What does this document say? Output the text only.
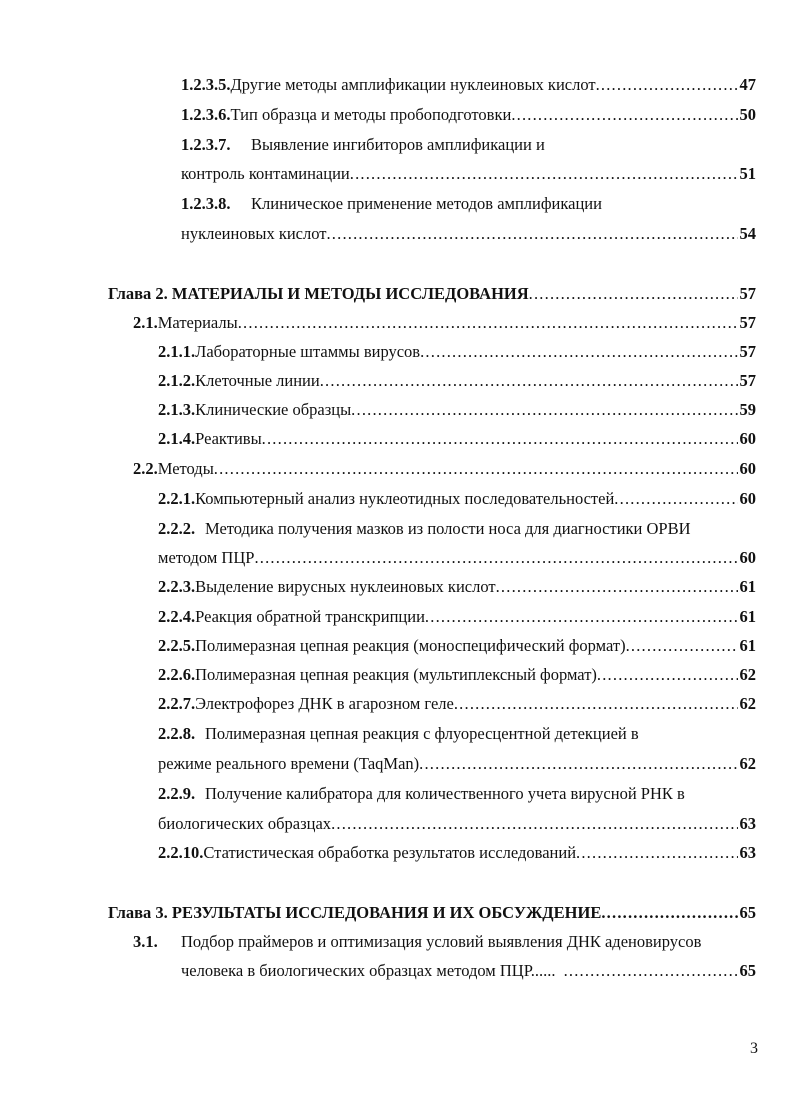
1.2.3.5. Другие методы амплификации нуклеиновых кислот .....	47
1.2.3.6. Тип образца и методы пробоподготовки .....	50
1.2.3.7.	Выявление ингибиторов амплификации и
контроль контаминации .....	51
1.2.3.8.	Клиническое применение методов амплификации
нуклеиновых кислот .....	54
Глава 2. МАТЕРИАЛЫ И МЕТОДЫ ИССЛЕДОВАНИЯ .....	57
2.1. Материалы .....	57
2.1.1. Лабораторные штаммы вирусов .....	57
2.1.2. Клеточные линии .....	57
2.1.3. Клинические образцы .....	59
2.1.4. Реактивы .....	60
2.2. Методы .....	60
2.2.1. Компьютерный анализ нуклеотидных последовательностей .....	60
2.2.2. Методика получения мазков из полости носа для диагностики ОРВИ
методом ПЦР .....	60
2.2.3. Выделение вирусных нуклеиновых кислот .....	61
2.2.4. Реакция обратной транскрипции .....	61
2.2.5. Полимеразная цепная реакция (моноспецифический формат) .....	61
2.2.6. Полимеразная цепная реакция (мультиплексный формат) .....	62
2.2.7. Электрофорез ДНК в агарозном геле .....	62
2.2.8. Полимеразная цепная реакция с флуоресцентной детекцией в
режиме реального времени (TaqMan) .....	62
2.2.9. Получение калибратора для количественного учета вирусной РНК в
биологических образцах .....	63
2.2.10. Статистическая обработка результатов исследований .....	63
Глава 3. РЕЗУЛЬТАТЫ ИССЛЕДОВАНИЯ И ИХ ОБСУЖДЕНИЕ .....	65
3.1.	Подбор праймеров и оптимизация условий выявления ДНК аденовирусов
человека в биологических образцах методом ПЦР...... .....	65
3
